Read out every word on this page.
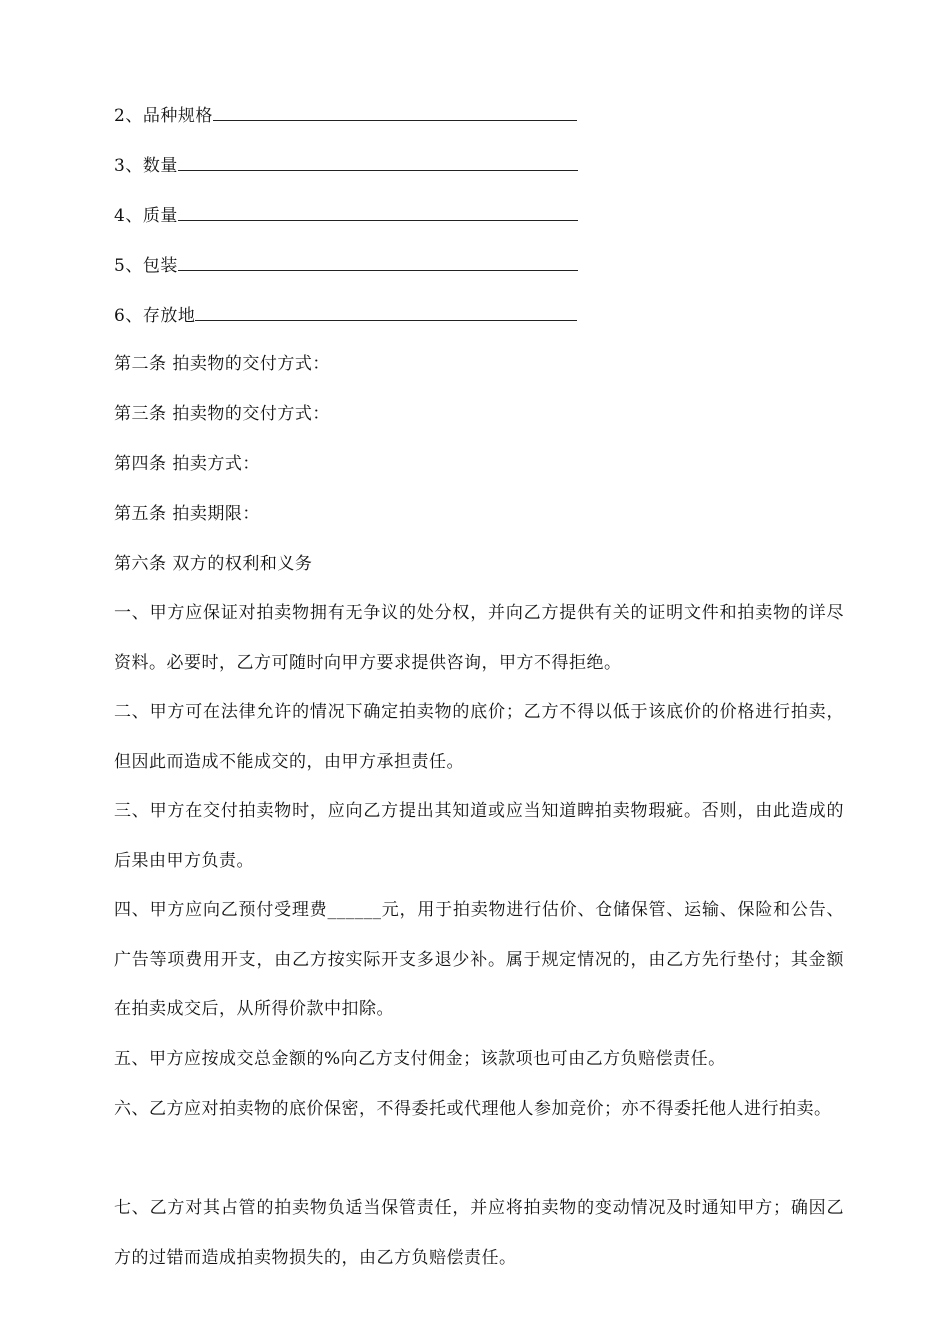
2、品种规格
3、数量
4、质量
5、包装
6、存放地
第二条 拍卖物的交付方式：
第三条 拍卖物的交付方式：
第四条 拍卖方式：
第五条 拍卖期限：
第六条 双方的权利和义务
一、甲方应保证对拍卖物拥有无争议的处分权，并向乙方提供有关的证明文件和拍卖物的详尽资料。必要时，乙方可随时向甲方要求提供咨询，甲方不得拒绝。
二、甲方可在法律允许的情况下确定拍卖物的底价；乙方不得以低于该底价的价格进行拍卖，但因此而造成不能成交的，由甲方承担责任。
三、甲方在交付拍卖物时，应向乙方提出其知道或应当知道睥拍卖物瑕疵。否则，由此造成的后果由甲方负责。
四、甲方应向乙预付受理费______元，用于拍卖物进行估价、仓储保管、运输、保险和公告、广告等项费用开支，由乙方按实际开支多退少补。属于规定情况的，由乙方先行垫付；其金额在拍卖成交后，从所得价款中扣除。
五、甲方应按成交总金额的%向乙方支付佣金；该款项也可由乙方负赔偿责任。
六、乙方应对拍卖物的底价保密，不得委托或代理他人参加竞价；亦不得委托他人进行拍卖。
七、乙方对其占管的拍卖物负适当保管责任，并应将拍卖物的变动情况及时通知甲方；确因乙方的过错而造成拍卖物损失的，由乙方负赔偿责任。
